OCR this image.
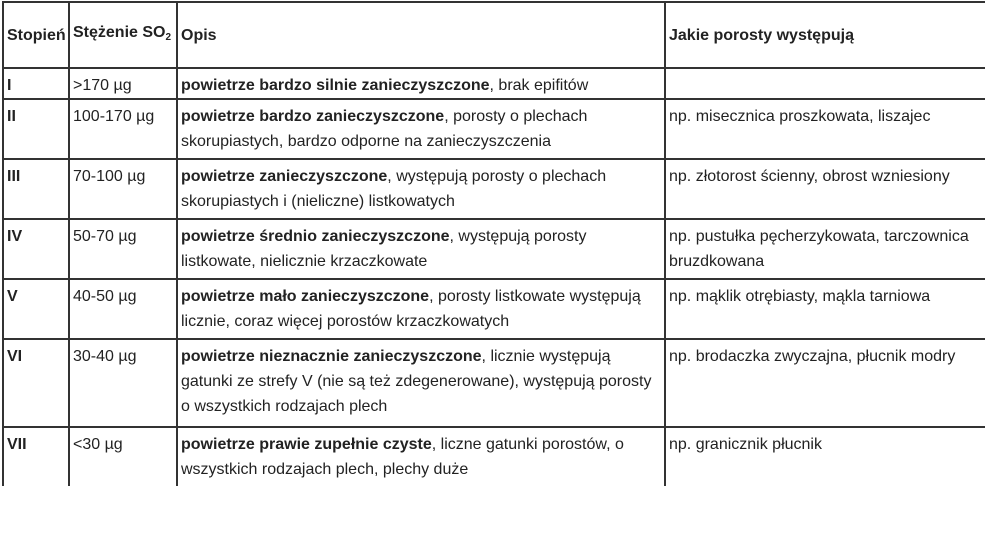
Stopień	Stężenie $SO_2$	Opis	Jakie porosty występują
I	>170 µg	powietrze bardzo silnie zanieczyszczone, brak epifitów	
II	100-170 µg	powietrze bardzo zanieczyszczone, porosty o plechach skorupiastych, bardzo odporne na zanieczyszczenia	np. misecznica proszkowata, liszajec
III	70-100 µg	powietrze zanieczyszczone, występują porosty o plechach skorupiastych i (nieliczne) listkowatych	np. złotorost ścienny, obrost wzniesiony
IV	50-70 µg	powietrze średnio zanieczyszczone, występują porosty listkowate, nielicznie krzaczkowate	np. pustułka pęcherzykowata, tarczownica bruzdkowana
V	40-50 µg	powietrze mało zanieczyszczone, porosty listkowate występują licznie, coraz więcej porostów krzaczkowatych	np. mąklik otrębiasty, mąkla tarniowa
VI	30-40 µg	powietrze nieznacznie zanieczyszczone, licznie występują gatunki ze strefy V (nie są też zdegenerowane), występują porosty o wszystkich rodzajach plech	np. brodaczka zwyczajna, płucnik modry
VII	<30 µg	powietrze prawie zupełnie czyste, liczne gatunki porostów, o wszystkich rodzajach plech, plechy duże	np. granicznik płucnik
